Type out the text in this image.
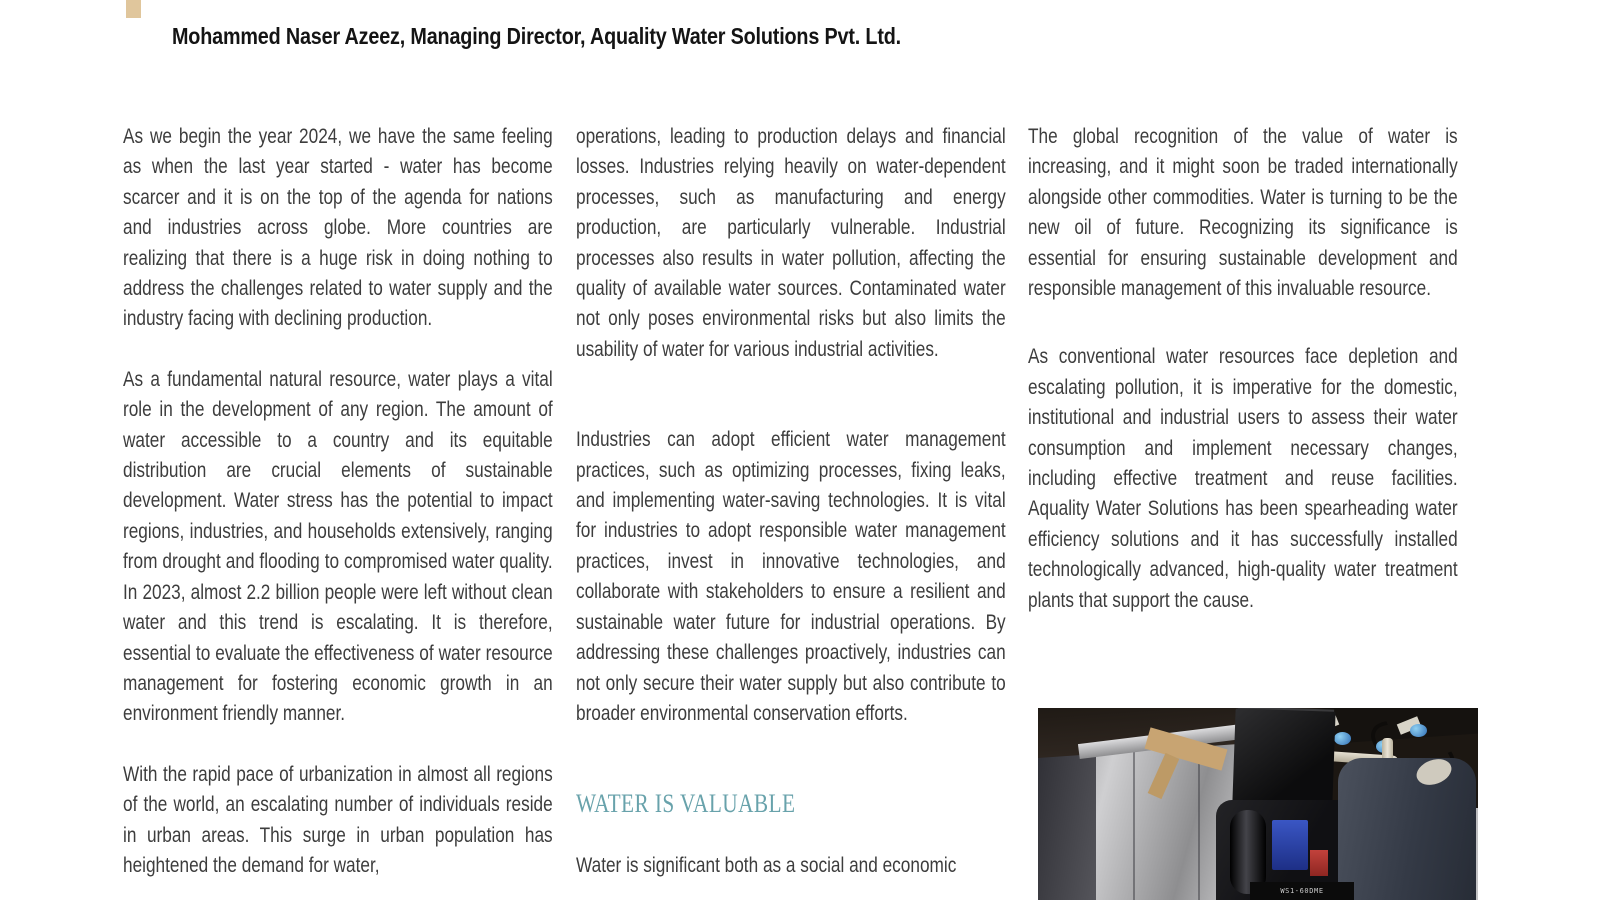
Mohammed Naser Azeez, Managing Director, Aquality Water Solutions Pvt. Ltd.

As we begin the year 2024, we have the same feeling as when the last year started - water has become scarcer and it is on the top of the agenda for nations and industries across globe. More countries are realizing that there is a huge risk in doing nothing to address the challenges related to water supply and the industry facing with declining production.

As a fundamental natural resource, water plays a vital role in the development of any region. The amount of water accessible to a country and its equitable distribution are crucial elements of sustainable development. Water stress has the potential to impact regions, industries, and households extensively, ranging from drought and flooding to compromised water quality. In 2023, almost 2.2 billion people were left without clean water and this trend is escalating. It is therefore, essential to evaluate the effectiveness of water resource management for fostering economic growth in an environment friendly manner.

With the rapid pace of urbanization in almost all regions of the world, an escalating number of individuals reside in urban areas. This surge in urban population has heightened the demand for water,

operations, leading to production delays and financial losses. Industries relying heavily on water-dependent processes, such as manufacturing and energy production, are particularly vulnerable. Industrial processes also results in water pollution, affecting the quality of available water sources. Contaminated water not only poses environmental risks but also limits the usability of water for various industrial activities.

Industries can adopt efficient water management practices, such as optimizing processes, fixing leaks, and implementing water-saving technologies. It is vital for industries to adopt responsible water management practices, invest in innovative technologies, and collaborate with stakeholders to ensure a resilient and sustainable water future for industrial operations. By addressing these challenges proactively, industries can not only secure their water supply but also contribute to broader environmental conservation efforts.

WATER IS VALUABLE

Water is significant both as a social and economic

The global recognition of the value of water is increasing, and it might soon be traded internationally alongside other commodities. Water is turning to be the new oil of future. Recognizing its significance is essential for ensuring sustainable development and responsible management of this invaluable resource.

As conventional water resources face depletion and escalating pollution, it is imperative for the domestic, institutional and industrial users to assess their water consumption and implement necessary changes, including effective treatment and reuse facilities. Aquality Water Solutions has been spearheading water efficiency solutions and it has successfully installed technologically advanced, high-quality water treatment plants that support the cause.

WS1-60DME
